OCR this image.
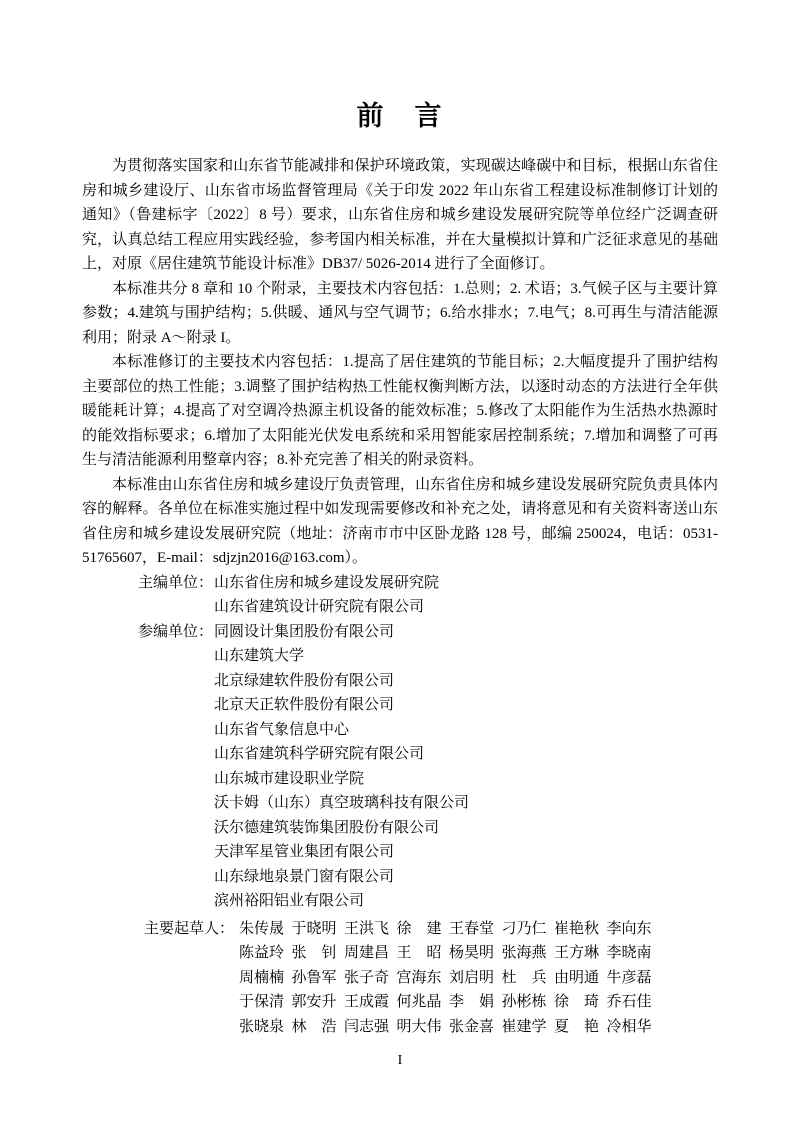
前　言

为贯彻落实国家和山东省节能减排和保护环境政策，实现碳达峰碳中和目标，根据山东省住房和城乡建设厅、山东省市场监督管理局《关于印发 2022 年山东省工程建设标准制修订计划的通知》（鲁建标字〔2022〕8 号）要求，山东省住房和城乡建设发展研究院等单位经广泛调查研究，认真总结工程应用实践经验，参考国内相关标准，并在大量模拟计算和广泛征求意见的基础上，对原《居住建筑节能设计标准》DB37/ 5026-2014 进行了全面修订。

本标准共分 8 章和 10 个附录，主要技术内容包括：1.总则；2. 术语；3.气候子区与主要计算参数；4.建筑与围护结构；5.供暖、通风与空气调节；6.给水排水；7.电气；8.可再生与清洁能源利用；附录 A～附录 I。

本标准修订的主要技术内容包括：1.提高了居住建筑的节能目标；2.大幅度提升了围护结构主要部位的热工性能；3.调整了围护结构热工性能权衡判断方法，以逐时动态的方法进行全年供暖能耗计算；4.提高了对空调冷热源主机设备的能效标准；5.修改了太阳能作为生活热水热源时的能效指标要求；6.增加了太阳能光伏发电系统和采用智能家居控制系统；7.增加和调整了可再生与清洁能源利用整章内容；8.补充完善了相关的附录资料。

本标准由山东省住房和城乡建设厅负责管理，山东省住房和城乡建设发展研究院负责具体内容的解释。各单位在标准实施过程中如发现需要修改和补充之处，请将意见和有关资料寄送山东省住房和城乡建设发展研究院（地址：济南市市中区卧龙路 128 号，邮编 250024，电话：0531-51765607，E-mail：sdjzjn2016@163.com）。

主编单位： 山东省住房和城乡建设发展研究院
山东省建筑设计研究院有限公司
参编单位： 同圆设计集团股份有限公司
山东建筑大学
北京绿建软件股份有限公司
北京天正软件股份有限公司
山东省气象信息中心
山东省建筑科学研究院有限公司
山东城市建设职业学院
沃卡姆（山东）真空玻璃科技有限公司
沃尔德建筑装饰集团股份有限公司
天津军星管业集团有限公司
山东绿地泉景门窗有限公司
滨州裕阳铝业有限公司
主要起草人： 朱传晟 于晓明 王洪飞 徐　建 王春堂 刁乃仁 崔艳秋 李向东
陈益玲 张　钊 周建昌 王　昭 杨昊明 张海燕 王方琳 李晓南
周楠楠 孙鲁军 张子奇 宫海东 刘启明 杜　兵 由明通 牛彦磊
于保清 郭安升 王成霞 何兆晶 李　娟 孙彬栋 徐　琦 乔石佳
张晓泉 林　浩 闫志强 明大伟 张金喜 崔建学 夏　艳 冷相华
I
